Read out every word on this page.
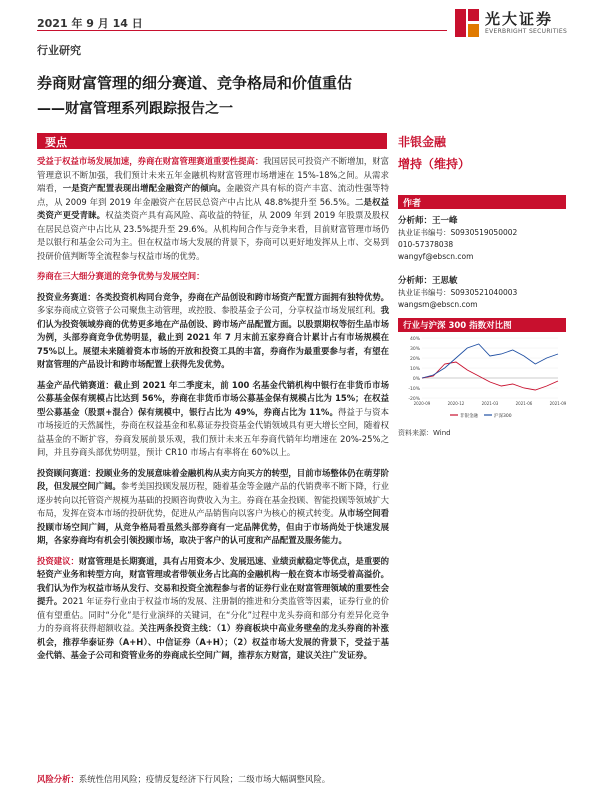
2021 年 9 月 14 日	光大证券
EVERBRIGHT SECURITIES
行业研究
券商财富管理的细分赛道、竞争格局和价值重估
——财富管理系列跟踪报告之一
要点

受益于权益市场发展加速，券商在财富管理赛道重要性提高：我国居民可投资产不断增加，财富管理意识不断加强，我们预计未来五年金融机构财富管理市场增速在 15%-18%之间。从需求端看，一是资产配置表现出增配金融资产的倾向。金融资产具有标的资产丰富、流动性强等特点，从 2009 年到 2019 年金融资产在居民总资产中占比从 48.8%提升至 56.5%。二是权益类资产更受青睐。权益类资产具有高风险、高收益的特征，从 2009 年到 2019 年股票及股权在居民总资产中占比从 23.5%提升至 29.6%。从机构间合作与竞争来看，目前财富管理市场仍是以银行和基金公司为主。但在权益市场大发展的背景下，券商可以更好地发挥从上市、交易到投研价值判断等全流程参与权益市场的优势。

券商在三大细分赛道的竞争优势与发展空间：

投资业务赛道：各类投资机构同台竞争，券商在产品创设和跨市场资产配置方面拥有独特优势。多家券商成立资管子公司聚焦主动管理，或控股、参股基金子公司，分享权益市场发展红利。我们认为投资领域券商的优势更多地在产品创设、跨市场产品配置方面。以股票期权等衍生品市场为例，头部券商竞争优势明显，截止到 2021 年 7 月末前五家券商合计累计占有市场规模在 75%以上。展望未来随着资本市场的开放和投资工具的丰富，券商作为最重要参与者，有望在财富管理的产品设计和跨市场配置上获得先发优势。

基金产品代销赛道：截止到 2021 年二季度末，前 100 名基金代销机构中银行在非货币市场公募基金保有规模占比达到 56%，券商在非货币市场公募基金保有规模占比为 15%；在权益型公募基金（股票+混合）保有规模中，银行占比为 49%，券商占比为 11%。得益于与资本市场接近的天然属性，券商在权益基金和私募证券投资基金代销领域具有更大增长空间，随着权益基金的不断扩容，券商发展前景乐观，我们预计未来五年券商代销年均增速在 20%-25%之间，并且券商头部优势明显，预计 CR10 市场占有率将在 60%以上。

投资顾问赛道：投顾业务的发展意味着金融机构从卖方向买方的转型，目前市场整体仍在萌芽阶段，但发展空间广阔。参考美国投顾发展历程，随着基金等金融产品的代销费率不断下降，行业逐步转向以托管资产规模为基础的投顾咨询费收入为主。券商在基金投顾、智能投顾等领域扩大布局，发挥在资本市场的投研优势，促进从产品销售向以客户为核心的模式转变。从市场空间看投顾市场空间广阔，从竞争格局看虽然头部券商有一定品牌优势，但由于市场尚处于快速发展期，各家券商均有机会引领投顾市场，取决于客户的认可度和产品配置及服务能力。

投资建议：财富管理是长期赛道，具有占用资本少、发展迅速、业绩贡献稳定等优点，是重要的轻资产业务和转型方向，财富管理或者带领业务占比高的金融机构一般在资本市场受着高溢价。我们认为作为权益市场从发行、交易和投资全流程参与者的证券行业在财富管理领域的重要性会提升。2021 年证券行业由于权益市场的发展、注册制的推进和分类监管等因素，证券行业的价值有望重估。同时“分化”是行业演绎的关键词，在“分化”过程中龙头券商和部分有差异化竞争力的券商将获得超额收益。关注两条投资主线：（1）券商板块中高业务壁垒的龙头券商的补涨机会，推荐华泰证券（A+H）、中信证券（A+H）；（2）权益市场大发展的背景下，受益于基金代销、基金子公司和资管业务的券商成长空间广阔，推荐东方财富，建议关注广发证券。

非银金融
增持（维持）
作者
分析师：王一峰
执业证书编号：S0930519050002
010-57378038
wangyf@ebscn.com
分析师：王思敏
执业证书编号：S0930521040003
wangsm@ebscn.com
行业与沪深 300 指数对比图
-20%
-10%
0%
10%
20%
30%
40%
2020-09	2020-12	2021-03	2021-06	2021-09
非银金融	沪深300
资料来源：Wind
风险分析：系统性信用风险；疫情反复经济下行风险；二级市场大幅调整风险。
